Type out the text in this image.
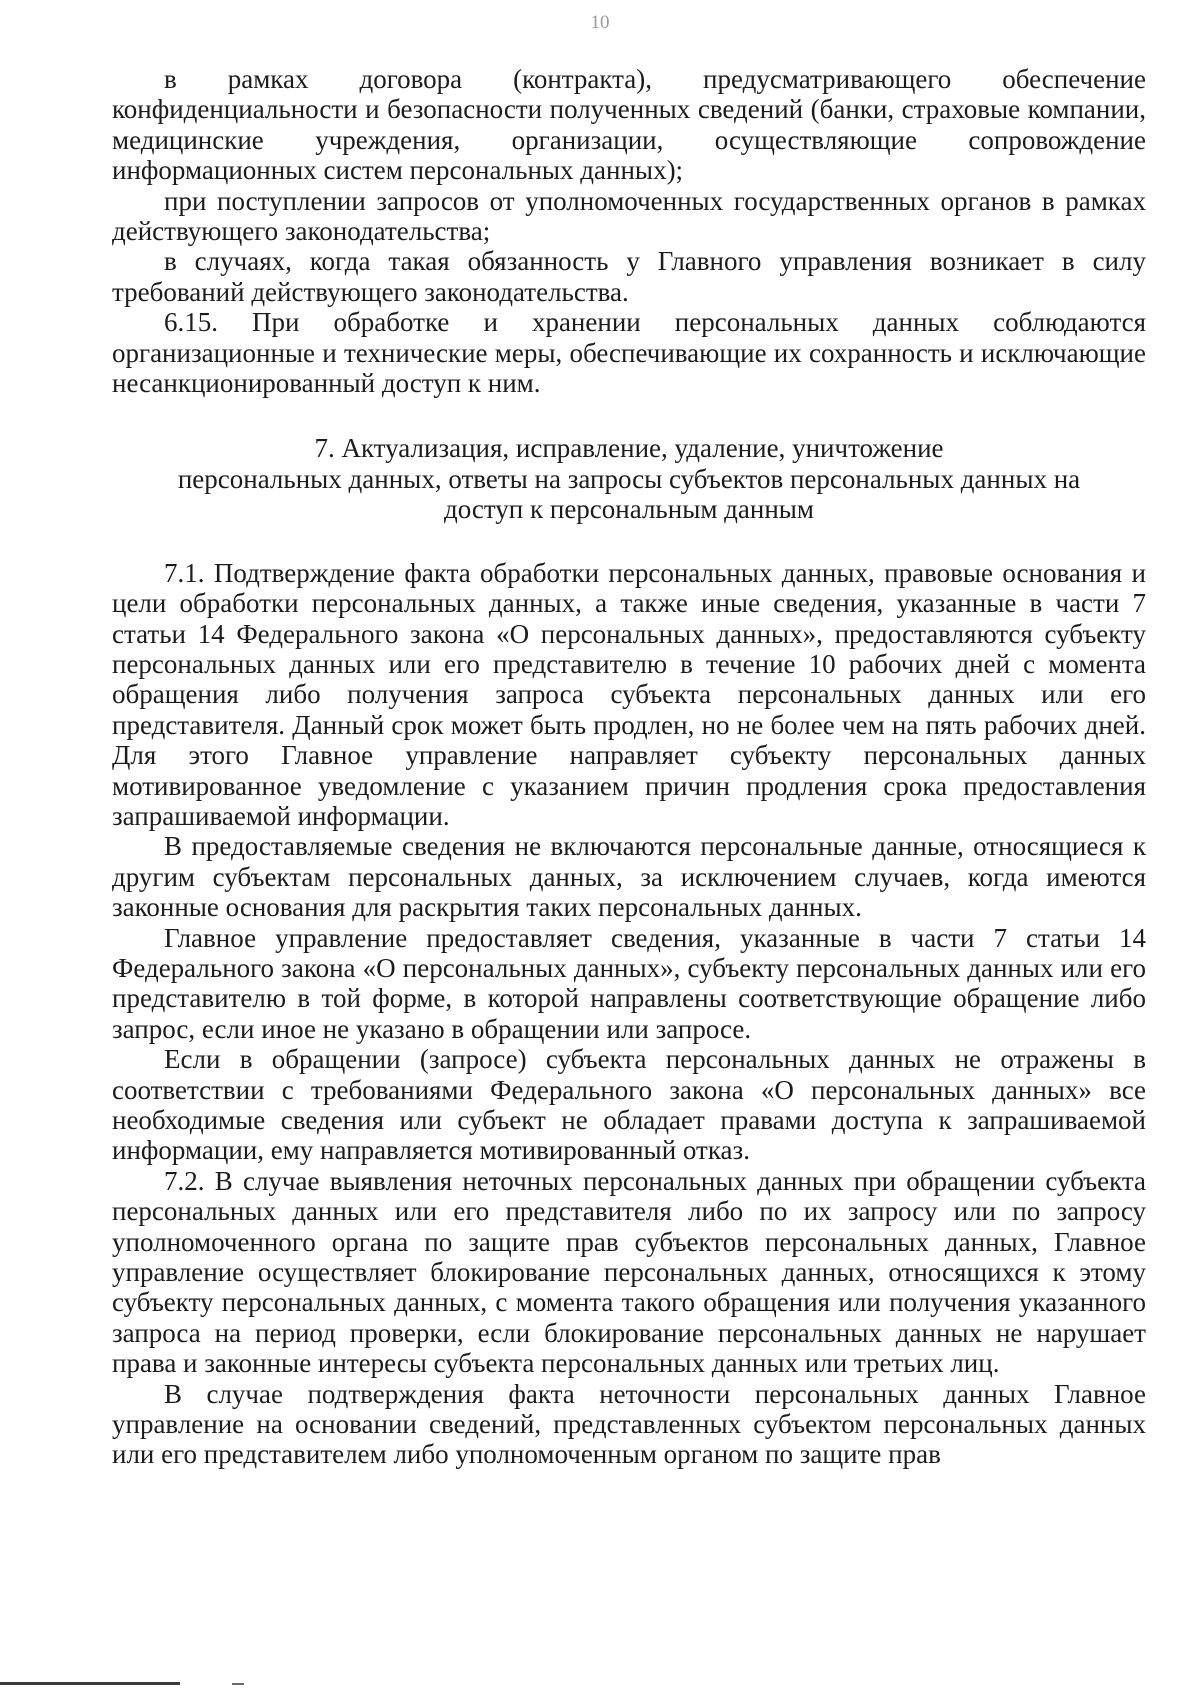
10

в рамках договора (контракта), предусматривающего обеспечение конфиденциальности и безопасности полученных сведений (банки, страховые компании, медицинские учреждения, организации, осуществляющие сопровождение информационных систем персональных данных);

при поступлении запросов от уполномоченных государственных органов в рамках действующего законодательства;

в случаях, когда такая обязанность у Главного управления возникает в силу требований действующего законодательства.

6.15. При обработке и хранении персональных данных соблюдаются организационные и технические меры, обеспечивающие их сохранность и исключающие несанкционированный доступ к ним.

7. Актуализация, исправление, удаление, уничтожение
персональных данных, ответы на запросы субъектов персональных данных на
доступ к персональным данным

7.1. Подтверждение факта обработки персональных данных, правовые основания и цели обработки персональных данных, а также иные сведения, указанные в части 7 статьи 14 Федерального закона «О персональных данных», предоставляются субъекту персональных данных или его представителю в течение 10 рабочих дней с момента обращения либо получения запроса субъекта персональных данных или его представителя. Данный срок может быть продлен, но не более чем на пять рабочих дней. Для этого Главное управление направляет субъекту персональных данных мотивированное уведомление с указанием причин продления срока предоставления запрашиваемой информации.

В предоставляемые сведения не включаются персональные данные, относящиеся к другим субъектам персональных данных, за исключением случаев, когда имеются законные основания для раскрытия таких персональных данных.

Главное управление предоставляет сведения, указанные в части 7 статьи 14 Федерального закона «О персональных данных», субъекту персональных данных или его представителю в той форме, в которой направлены соответствующие обращение либо запрос, если иное не указано в обращении или запросе.

Если в обращении (запросе) субъекта персональных данных не отражены в соответствии с требованиями Федерального закона «О персональных данных» все необходимые сведения или субъект не обладает правами доступа к запрашиваемой информации, ему направляется мотивированный отказ.

7.2. В случае выявления неточных персональных данных при обращении субъекта персональных данных или его представителя либо по их запросу или по запросу уполномоченного органа по защите прав субъектов персональных данных, Главное управление осуществляет блокирование персональных данных, относящихся к этому субъекту персональных данных, с момента такого обращения или получения указанного запроса на период проверки, если блокирование персональных данных не нарушает права и законные интересы субъекта персональных данных или третьих лиц.

В случае подтверждения факта неточности персональных данных Главное управление на основании сведений, представленных субъектом персональных данных или его представителем либо уполномоченным органом по защите прав
